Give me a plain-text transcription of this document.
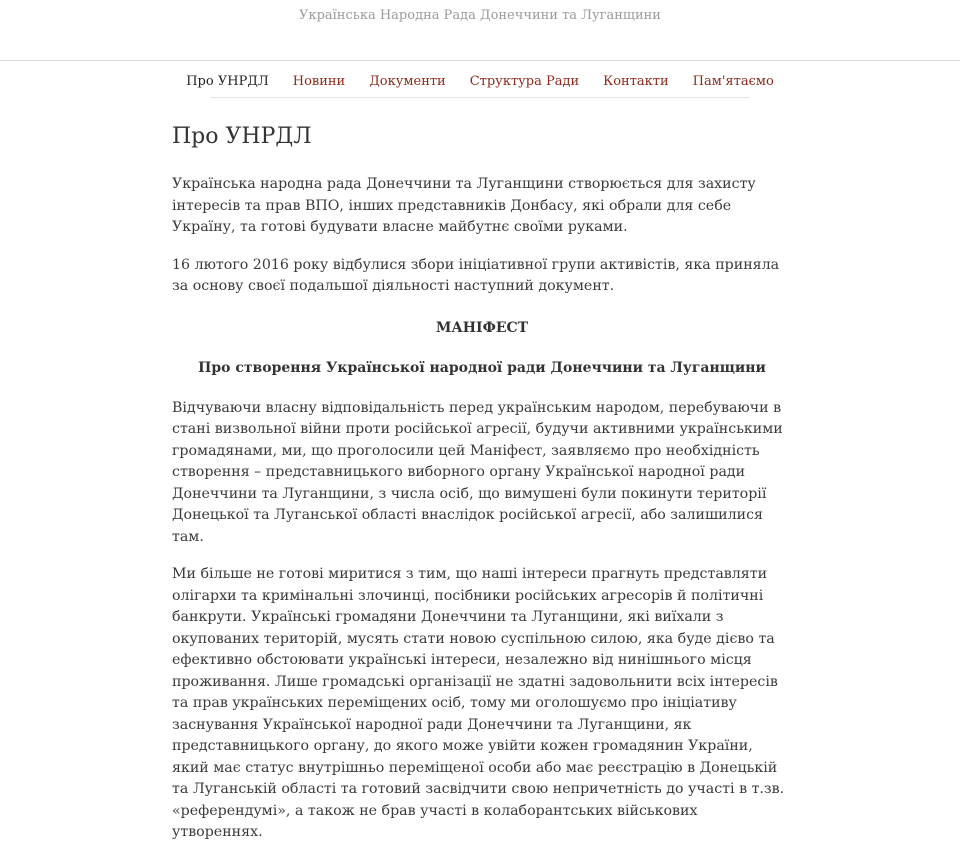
Українська Народна Рада Донеччини та Луганщини
Про УНРДЛ	Новини	Документи	Структура Ради	Контакти	Пам'ятаємо
Про УНРДЛ

Українська народна рада Донеччини та Луганщини створюється для захисту інтересів та прав ВПО, інших представників Донбасу, які обрали для себе Україну, та готові будувати власне майбутнє своїми руками.

16 лютого 2016 року відбулися збори ініціативної групи активістів, яка приняла за основу своєї подальшої діяльності наступний документ.

МАНІФЕСТ

Про створення Української народної ради Донеччини та Луганщини

Відчуваючи власну відповідальність перед українським народом, перебуваючи в стані визвольної війни проти російської агресії, будучи активними українськими громадянами, ми, що проголосили цей Маніфест, заявляємо про необхідність створення – представницького виборного органу Української народної ради Донеччини та Луганщини, з числа осіб, що вимушені були покинути території Донецької та Луганської області внаслідок російської агресії, або залишилися там.

Ми більше не готові миритися з тим, що наші інтереси прагнуть представляти олігархи та кримінальні злочинці, посібники російських агресорів й політичні банкрути. Українські громадяни Донеччини та Луганщини, які виїхали з окупованих територій, мусять стати новою суспільною силою, яка буде дієво та ефективно обстоювати українські інтереси, незалежно від нинішнього місця проживання. Лише громадські організації не здатні задовольнити всіх інтересів та прав українських переміщених осіб, тому ми оголошуємо про ініціативу заснування Української народної ради Донеччини та Луганщини, як представницького органу, до якого може увійти кожен громадянин України, який має статус внутрішньо переміщеної особи або має реєстрацію в Донецькій та Луганській області та готовий засвідчити свою непричетність до участі в т.зв. «референдумі», а також не брав участі в колаборантських військових утвореннях.
